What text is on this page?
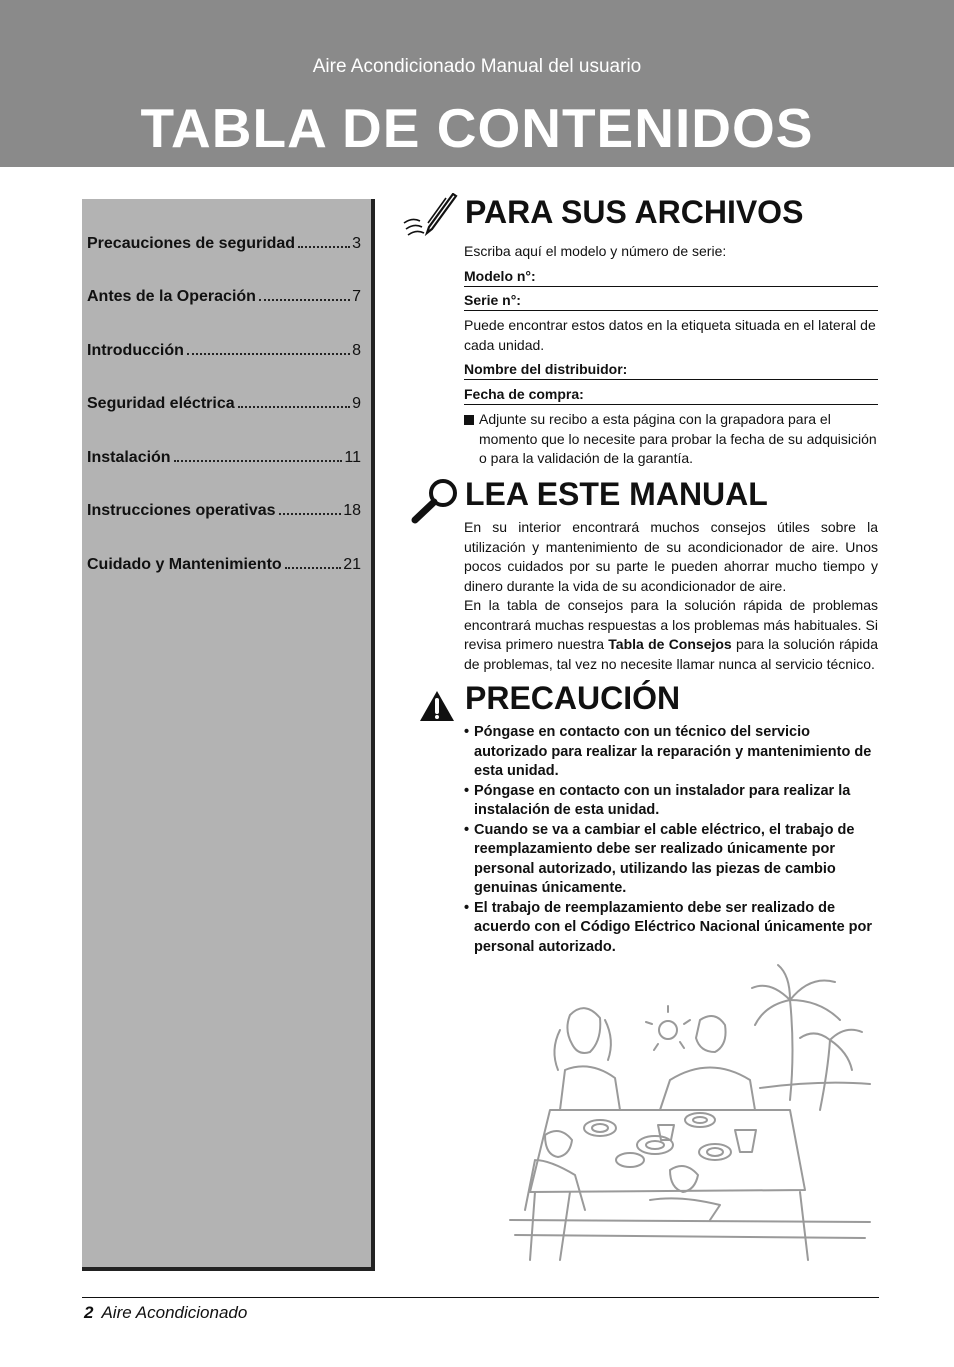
Aire Acondicionado Manual del usuario
TABLA DE CONTENIDOS
Precauciones de seguridad	3
Antes de la Operación	7
Introducción	8
Seguridad eléctrica	9
Instalación	11
Instrucciones operativas	18
Cuidado y Mantenimiento	21
PARA SUS ARCHIVOS
Escriba aquí el modelo y número de serie:
Modelo n°:
Serie n°:
Puede encontrar estos datos en la etiqueta situada en el lateral de cada unidad.
Nombre del distribuidor:
Fecha de compra:
Adjunte su recibo a esta página con la grapadora para el momento que lo necesite para probar la fecha de su adquisición o para la validación de la garantía.
LEA ESTE MANUAL
En su interior encontrará muchos consejos útiles sobre la utilización y mantenimiento de su acondicionador de aire. Unos pocos cuidados por su parte le pueden ahorrar mucho tiempo y dinero durante la vida de su acondicionador de aire.
En la tabla de consejos para la solución rápida de problemas encontrará muchas respuestas a los problemas más habituales. Si revisa primero nuestra Tabla de Consejos para la solución rápida de problemas, tal vez no necesite llamar nunca al servicio técnico.
PRECAUCIÓN
• Póngase en contacto con un técnico del servicio autorizado para realizar la reparación y mantenimiento de esta unidad.
• Póngase en contacto con un instalador para realizar la instalación de esta unidad.
• Cuando se va a cambiar el cable eléctrico, el trabajo de reemplazamiento debe ser realizado únicamente por personal autorizado, utilizando las piezas de cambio genuinas únicamente.
• El trabajo de reemplazamiento debe ser realizado de acuerdo con el Código Eléctrico Nacional únicamente por personal autorizado.
2 Aire Acondicionado
